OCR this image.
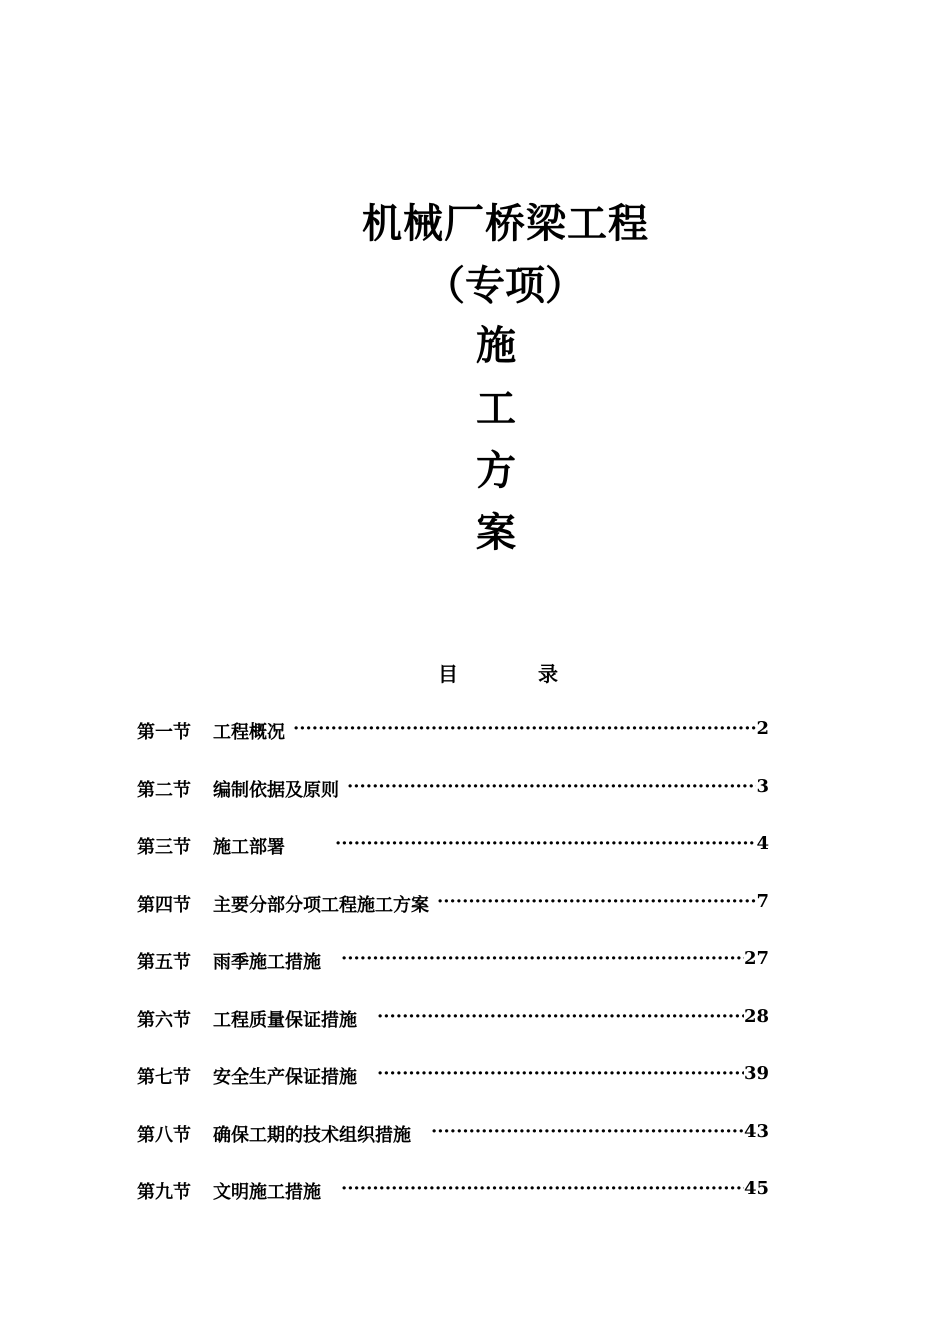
机械厂桥梁工程
（专项）
施
工
方
案
目	录
第一节	工程概况 ·····	2
第二节	编制依据及原则 ·····	3
第三节	施工部署 ·····	4
第四节	主要分部分项工程施工方案 ·····	7
第五节	雨季施工措施 ·····	27
第六节	工程质量保证措施 ·····	28
第七节	安全生产保证措施 ·····	39
第八节	确保工期的技术组织措施 ·····	43
第九节	文明施工措施 ·····	45
